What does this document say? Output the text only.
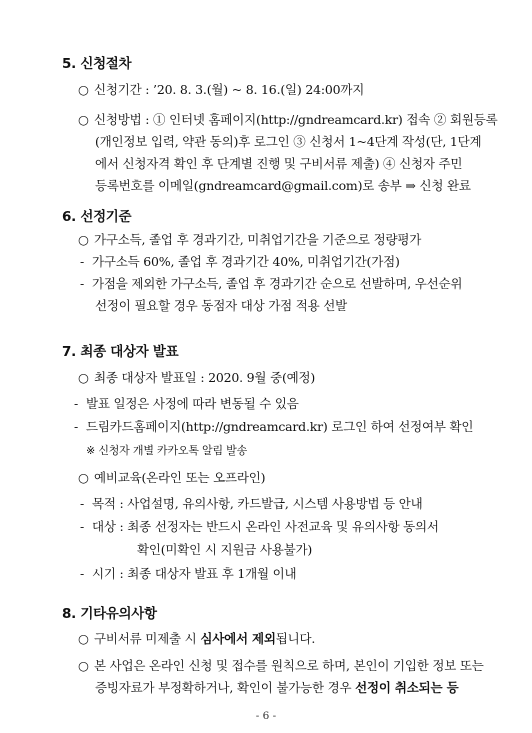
5. 신청절차
○ 신청기간 : ’20. 8. 3.(월) ~ 8. 16.(일) 24:00까지
○ 신청방법 : ① 인터넷 홈페이지(http://gndreamcard.kr) 접속 ② 회원등록
(개인정보 입력, 약관 동의)후 로그인 ③ 신청서 1~4단계 작성(단, 1단계
에서 신청자격 확인 후 단계별 진행 및 구비서류 제출) ④ 신청자 주민
등록번호를 이메일(gndreamcard@gmail.com)로 송부 ⇒ 신청 완료
6. 선정기준
○ 가구소득, 졸업 후 경과기간, 미취업기간을 기준으로 정량평가
- 가구소득 60%, 졸업 후 경과기간 40%, 미취업기간(가점)
- 가점을 제외한 가구소득, 졸업 후 경과기간 순으로 선발하며, 우선순위
선정이 필요할 경우 동점자 대상 가점 적용 선발
7. 최종 대상자 발표
○ 최종 대상자 발표일 : 2020. 9월 중(예정)
- 발표 일정은 사정에 따라 변동될 수 있음
- 드림카드홈페이지(http://gndreamcard.kr) 로그인 하여 선정여부 확인
※ 신청자 개별 카카오톡 알림 발송
○ 예비교육(온라인 또는 오프라인)
- 목적 : 사업설명, 유의사항, 카드발급, 시스템 사용방법 등 안내
- 대상 : 최종 선정자는 반드시 온라인 사전교육 및 유의사항 동의서
확인(미확인 시 지원금 사용불가)
- 시기 : 최종 대상자 발표 후 1개월 이내
8. 기타유의사항
○ 구비서류 미제출 시 심사에서 제외됩니다.
○ 본 사업은 온라인 신청 및 접수를 원칙으로 하며, 본인이 기입한 정보 또는
증빙자료가 부정확하거나, 확인이 불가능한 경우 선정이 취소되는 등
- 6 -
